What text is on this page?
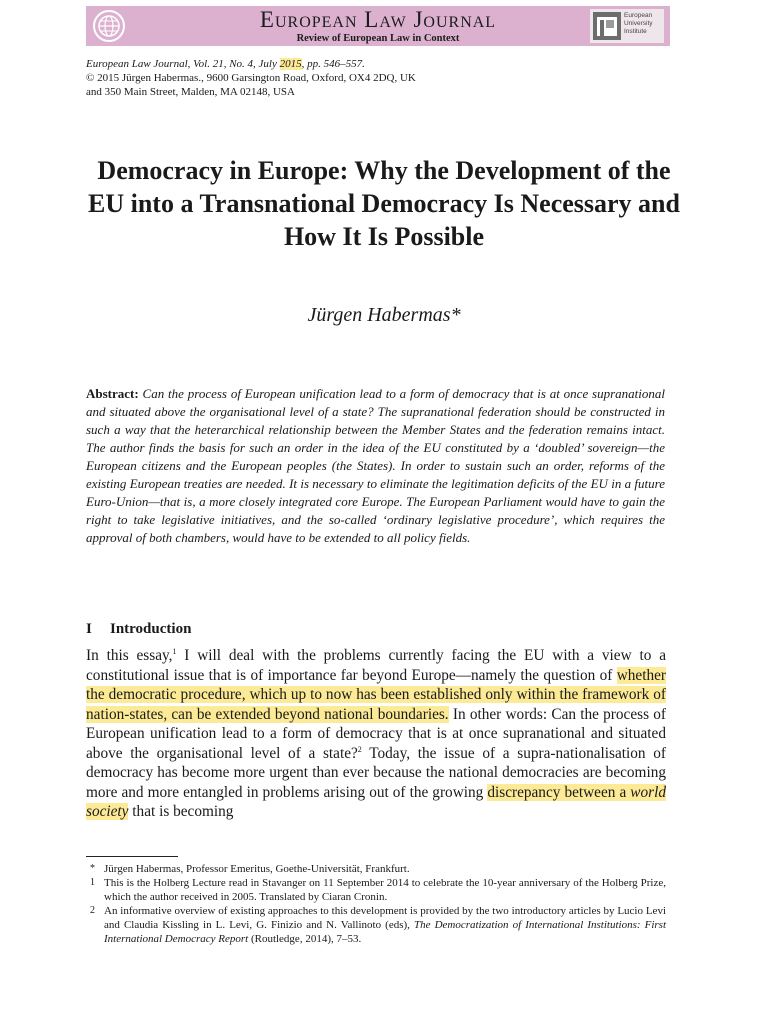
European Law Journal
Review of European Law in Context
European
University
Institute
European Law Journal, Vol. 21, No. 4, July 2015, pp. 546–557.
© 2015 Jürgen Habermas., 9600 Garsington Road, Oxford, OX4 2DQ, UK
and 350 Main Street, Malden, MA 02148, USA
Democracy in Europe: Why the Development of the EU into a Transnational Democracy Is Necessary and How It Is Possible
Jürgen Habermas*
Abstract: Can the process of European unification lead to a form of democracy that is at once supranational and situated above the organisational level of a state? The supranational federation should be constructed in such a way that the heterarchical relationship between the Member States and the federation remains intact. The author finds the basis for such an order in the idea of the EU constituted by a ‘doubled’ sovereign—the European citizens and the European peoples (the States). In order to sustain such an order, reforms of the existing European treaties are needed. It is necessary to eliminate the legitimation deficits of the EU in a future Euro-Union—that is, a more closely integrated core Europe. The European Parliament would have to gain the right to take legislative initiatives, and the so-called ‘ordinary legislative procedure’, which requires the approval of both chambers, would have to be extended to all policy fields.
I Introduction
In this essay,$^1$ I will deal with the problems currently facing the EU with a view to a constitutional issue that is of importance far beyond Europe—namely the question of whether the democratic procedure, which up to now has been established only within the framework of nation-states, can be extended beyond national boundaries. In other words: Can the process of European unification lead to a form of democracy that is at once supranational and situated above the organisational level of a state?$^2$ Today, the issue of a supra-nationalisation of democracy has become more urgent than ever because the national democracies are becoming more and more entangled in problems arising out of the growing discrepancy between a world society that is becoming
* Jürgen Habermas, Professor Emeritus, Goethe-Universität, Frankfurt.
1 This is the Holberg Lecture read in Stavanger on 11 September 2014 to celebrate the 10-year anniversary of the Holberg Prize, which the author received in 2005. Translated by Ciaran Cronin.
2 An informative overview of existing approaches to this development is provided by the two introductory articles by Lucio Levi and Claudia Kissling in L. Levi, G. Finizio and N. Vallinoto (eds), The Democratization of International Institutions: First International Democracy Report (Routledge, 2014), 7–53.
